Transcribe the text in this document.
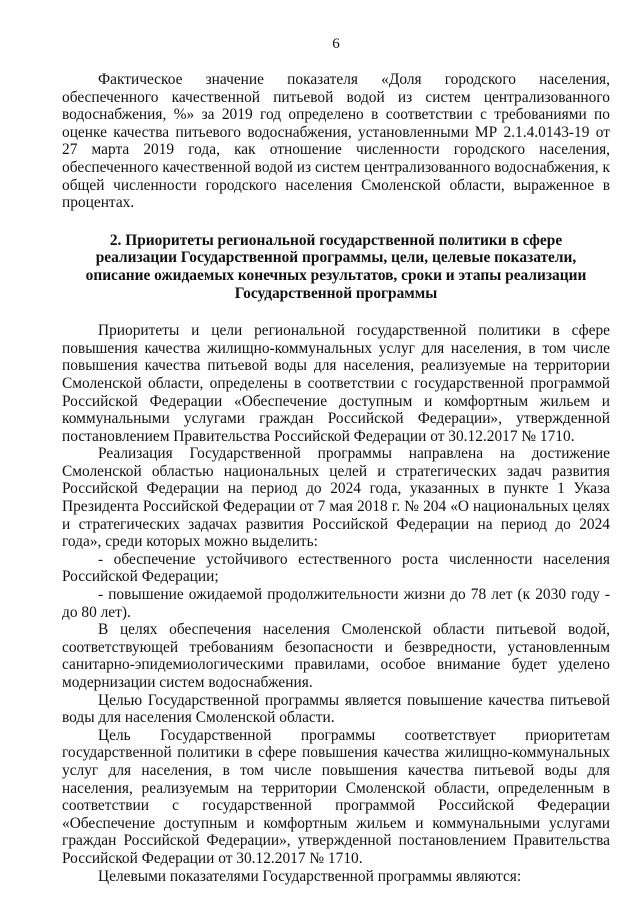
6

Фактическое значение показателя «Доля городского населения, обеспеченного качественной питьевой водой из систем централизованного водоснабжения, %» за 2019 год определено в соответствии с требованиями по оценке качества питьевого водоснабжения, установленными МР 2.1.4.0143-19 от 27 марта 2019 года, как отношение численности городского населения, обеспеченного качественной водой из систем централизованного водоснабжения, к общей численности городского населения Смоленской области, выраженное в процентах.

2. Приоритеты региональной государственной политики в сфере реализации Государственной программы, цели, целевые показатели, описание ожидаемых конечных результатов, сроки и этапы реализации Государственной программы

Приоритеты и цели региональной государственной политики в сфере повышения качества жилищно-коммунальных услуг для населения, в том числе повышения качества питьевой воды для населения, реализуемые на территории Смоленской области, определены в соответствии с государственной программой Российской Федерации «Обеспечение доступным и комфортным жильем и коммунальными услугами граждан Российской Федерации», утвержденной постановлением Правительства Российской Федерации от 30.12.2017 № 1710.

Реализация Государственной программы направлена на достижение Смоленской областью национальных целей и стратегических задач развития Российской Федерации на период до 2024 года, указанных в пункте 1 Указа Президента Российской Федерации от 7 мая 2018 г. № 204 «О национальных целях и стратегических задачах развития Российской Федерации на период до 2024 года», среди которых можно выделить:

- обеспечение устойчивого естественного роста численности населения Российской Федерации;

- повышение ожидаемой продолжительности жизни до 78 лет (к 2030 году - до 80 лет).

В целях обеспечения населения Смоленской области питьевой водой, соответствующей требованиям безопасности и безвредности, установленным санитарно-эпидемиологическими правилами, особое внимание будет уделено модернизации систем водоснабжения.

Целью Государственной программы является повышение качества питьевой воды для населения Смоленской области.

Цель Государственной программы соответствует приоритетам государственной политики в сфере повышения качества жилищно-коммунальных услуг для населения, в том числе повышения качества питьевой воды для населения, реализуемым на территории Смоленской области, определенным в соответствии с государственной программой Российской Федерации «Обеспечение доступным и комфортным жильем и коммунальными услугами граждан Российской Федерации», утвержденной постановлением Правительства Российской Федерации от 30.12.2017 № 1710.

Целевыми показателями Государственной программы являются:
